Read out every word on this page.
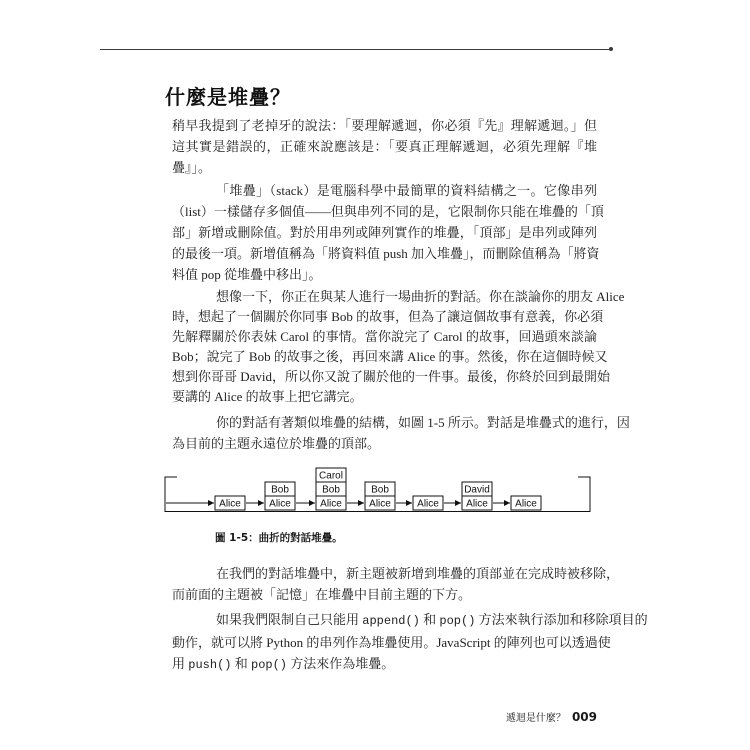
什麼是堆疊？
稍早我提到了老掉牙的說法：「要理解遞迴，你必須『先』理解遞迴。」但
這其實是錯誤的，正確來說應該是：「要真正理解遞迴，必須先理解『堆
疊』」。
「堆疊」（stack）是電腦科學中最簡單的資料結構之一。它像串列
（list）一樣儲存多個值——但與串列不同的是，它限制你只能在堆疊的「頂
部」新增或刪除值。對於用串列或陣列實作的堆疊，「頂部」是串列或陣列
的最後一項。新增值稱為「將資料值 push 加入堆疊」，而刪除值稱為「將資
料值 pop 從堆疊中移出」。
想像一下，你正在與某人進行一場曲折的對話。你在談論你的朋友 Alice
時，想起了一個關於你同事 Bob 的故事，但為了讓這個故事有意義，你必須
先解釋關於你表妹 Carol 的事情。當你說完了 Carol 的故事，回過頭來談論
Bob；說完了 Bob 的故事之後，再回來講 Alice 的事。然後，你在這個時候又
想到你哥哥 David，所以你又說了關於他的一件事。最後，你終於回到最開始
要講的 Alice 的故事上把它講完。
你的對話有著類似堆疊的結構，如圖 1-5 所示。對話是堆疊式的進行，因
為目前的主題永遠位於堆疊的頂部。
Alice
Bob
Alice
Carol
Bob
Alice
Bob
Alice	Alice
David
Alice	Alice
圖 1-5：曲折的對話堆疊。
在我們的對話堆疊中，新主題被新增到堆疊的頂部並在完成時被移除，
而前面的主題被「記憶」在堆疊中目前主題的下方。
如果我們限制自己只能用 append() 和 pop() 方法來執行添加和移除項目的
動作，就可以將 Python 的串列作為堆疊使用。JavaScript 的陣列也可以透過使
用 push() 和 pop() 方法來作為堆疊。
遞迴是什麼？ 009
